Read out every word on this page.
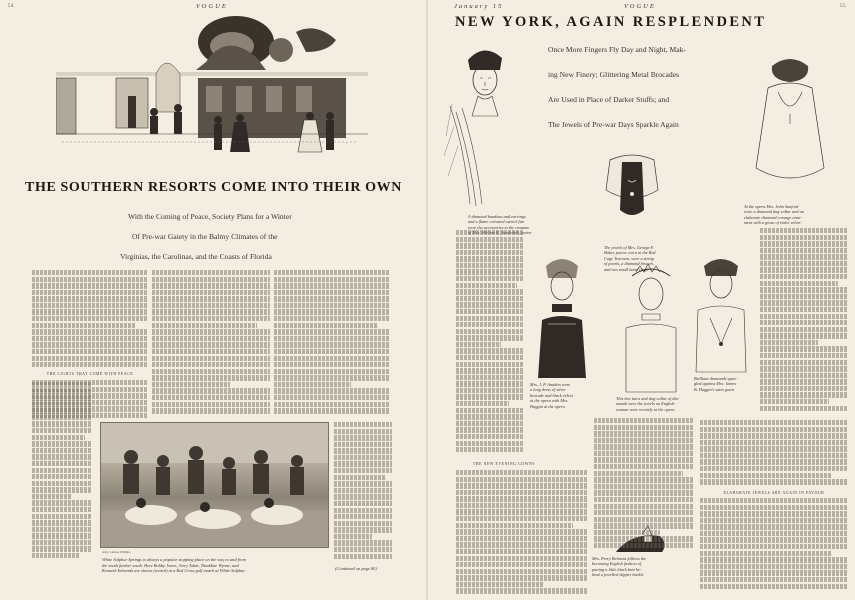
54	VOGUE
THE SOUTHERN RESORTS COME INTO THEIR OWN

With the Coming of Peace, Society Plans for a Winter

Of Pre-war Gaiety in the Balmy Climates of the

Virginias, the Carolinas, and the Coasts of Florida

THE LIGHTS THAT COME WITH PEACE
Amy Lemon Phillips
White Sulphur Springs is always a popular stopping place on the way to and from
the south farther south. Here Bobby Jones; Jerry Adair, Thaddine Wynne, and
Kenneth Edwards are shown (seated) at a Red Cross golf match at White Sulphur	(Continued on page 80)
January 15	VOGUE	55
NEW YORK, AGAIN RESPLENDENT

Once More Fingers Fly Day and Night, Mak-

ing New Finery; Glittering Metal Brocades

Are Used in Place of Darker Stuffs; and

The Jewels of Pre-war Days Sparkle Again

A diamond bandeau and earrings
and a flame coloured ostrich fan
were the accessories to the costume
of Mrs. William K. Vanderbilt, junior
The jewels of Mrs. George F.
Baker, junior, worn at the Red
Cage Tearoom, were a string
of pearls, a diamond brooch,
and two small band rings
At the opera Mrs. John Sanford
wore a diamond dog-collar and an
elaborate diamond corsage orna-
ment with a gown of violet velvet
Mrs. J. P. Amidon wore
a long dress of silver
brocade and black velvet
at the opera with Mrs.
Haggin at the opera
This box tiara and dog-collar of dia-
monds were the jewels an English-
woman wore recently at the opera
Brilliant diamonds span-
gled against Mrs. James
B. Haggin's satin gown
Mrs. Perry Belmont follows the
becoming English fashion of
putting a little black bow be-
hind a jewelled slipper buckle
THE NEW EVENING GOWNS
ELABORATE JEWELS ARE AGAIN IN FAVOUR
